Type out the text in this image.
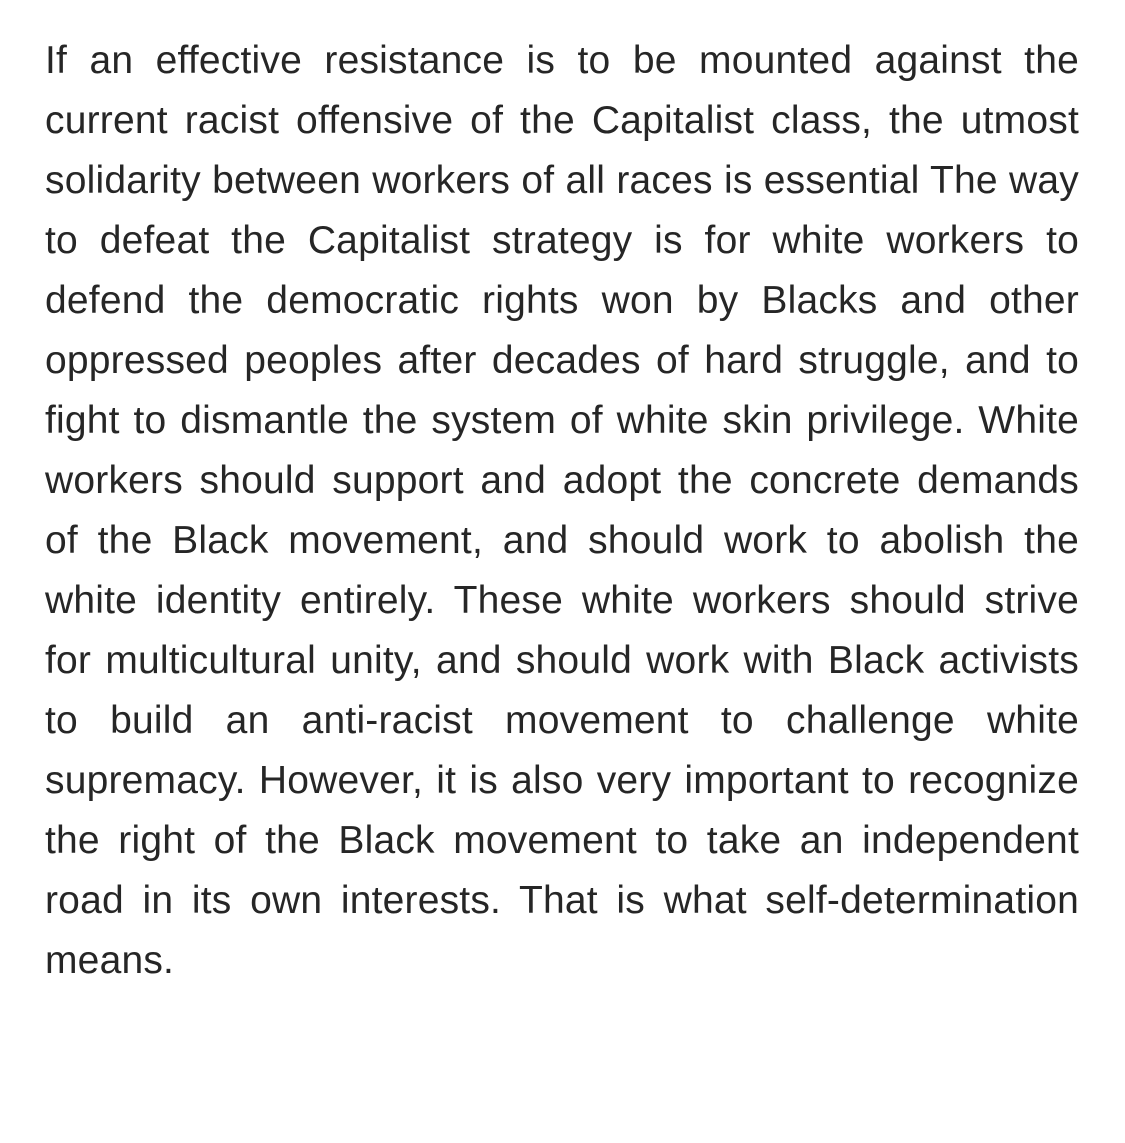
If an effective resistance is to be mounted against the current racist offensive of the Capitalist class, the utmost solidarity between workers of all races is essential The way to defeat the Capitalist strategy is for white workers to defend the democratic rights won by Blacks and other oppressed peoples after decades of hard struggle, and to fight to dismantle the system of white skin privilege. White workers should support and adopt the concrete demands of the Black movement, and should work to abolish the white identity entirely. These white workers should strive for multicultural unity, and should work with Black activists to build an anti-racist movement to challenge white supremacy. However, it is also very important to recognize the right of the Black movement to take an independent road in its own interests. That is what self-determination means.
